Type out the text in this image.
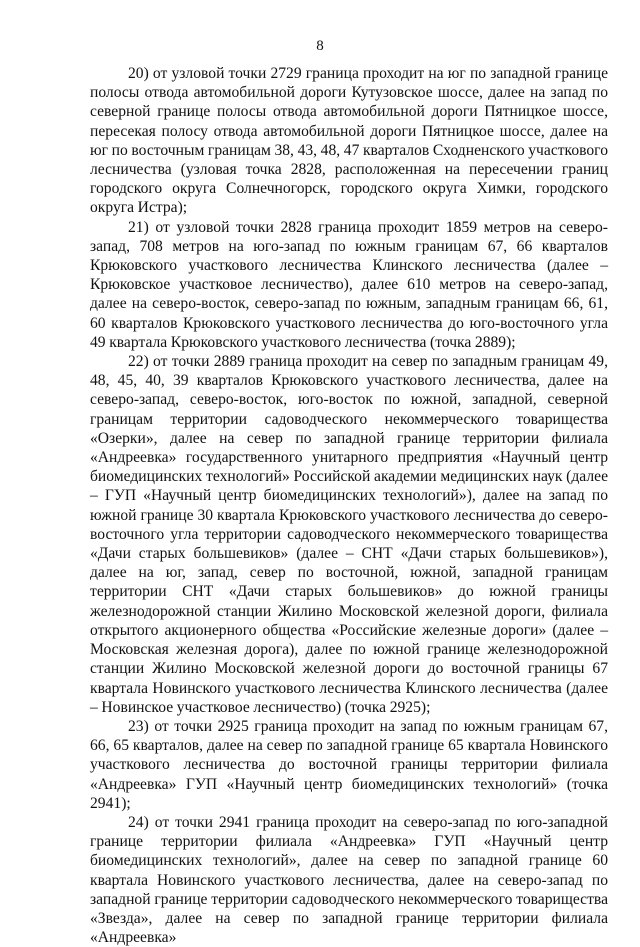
8

20) от узловой точки 2729 граница проходит на юг по западной границе полосы отвода автомобильной дороги Кутузовское шоссе, далее на запад по северной границе полосы отвода автомобильной дороги Пятницкое шоссе, пересекая полосу отвода автомобильной дороги Пятницкое шоссе, далее на юг по восточным границам 38, 43, 48, 47 кварталов Сходненского участкового лесничества (узловая точка 2828, расположенная на пересечении границ городского округа Солнечногорск, городского округа Химки, городского округа Истра);

21) от узловой точки 2828 граница проходит 1859 метров на северо-запад, 708 метров на юго-запад по южным границам 67, 66 кварталов Крюковского участкового лесничества Клинского лесничества (далее – Крюковское участковое лесничество), далее 610 метров на северо-запад, далее на северо-восток, северо-запад по южным, западным границам 66, 61, 60 кварталов Крюковского участкового лесничества до юго-восточного угла 49 квартала Крюковского участкового лесничества (точка 2889);

22) от точки 2889 граница проходит на север по западным границам 49, 48, 45, 40, 39 кварталов Крюковского участкового лесничества, далее на северо-запад, северо-восток, юго-восток по южной, западной, северной границам территории садоводческого некоммерческого товарищества «Озерки», далее на север по западной границе территории филиала «Андреевка» государственного унитарного предприятия «Научный центр биомедицинских технологий» Российской академии медицинских наук (далее – ГУП «Научный центр биомедицинских технологий»), далее на запад по южной границе 30 квартала Крюковского участкового лесничества до северо-восточного угла территории садоводческого некоммерческого товарищества «Дачи старых большевиков» (далее – СНТ «Дачи старых большевиков»), далее на юг, запад, север по восточной, южной, западной границам территории СНТ «Дачи старых большевиков» до южной границы железнодорожной станции Жилино Московской железной дороги, филиала открытого акционерного общества «Российские железные дороги» (далее – Московская железная дорога), далее по южной границе железнодорожной станции Жилино Московской железной дороги до восточной границы 67 квартала Новинского участкового лесничества Клинского лесничества (далее – Новинское участковое лесничество) (точка 2925);

23) от точки 2925 граница проходит на запад по южным границам 67, 66, 65 кварталов, далее на север по западной границе 65 квартала Новинского участкового лесничества до восточной границы территории филиала «Андреевка» ГУП «Научный центр биомедицинских технологий» (точка 2941);

24) от точки 2941 граница проходит на северо-запад по юго-западной границе территории филиала «Андреевка» ГУП «Научный центр биомедицинских технологий», далее на север по западной границе 60 квартала Новинского участкового лесничества, далее на северо-запад по западной границе территории садоводческого некоммерческого товарищества «Звезда», далее на север по западной границе территории филиала «Андреевка»
